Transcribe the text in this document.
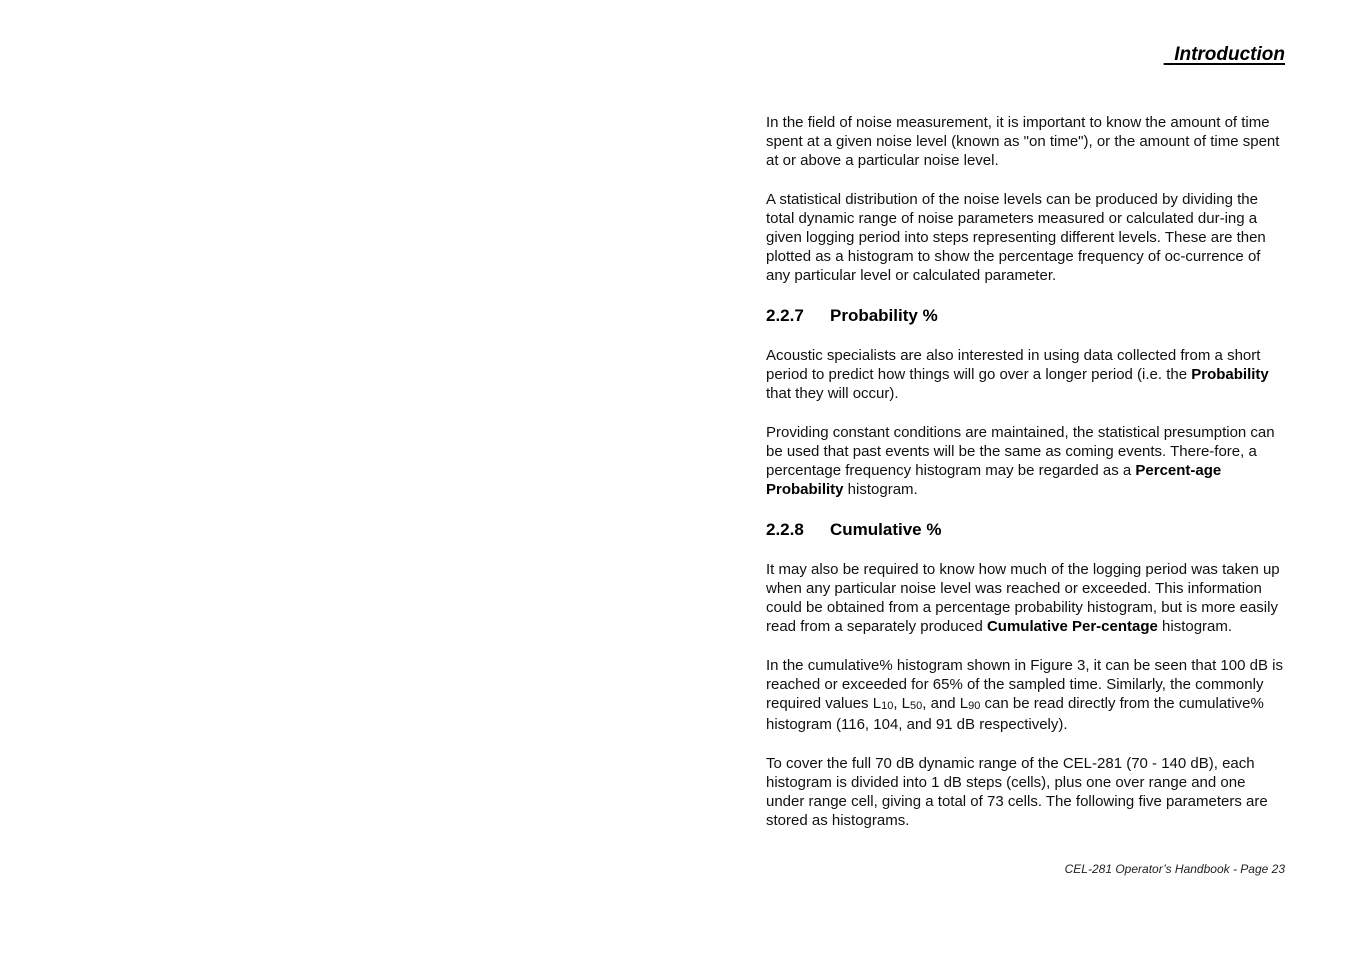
Introduction

In the field of noise measurement, it is important to know the amount of time spent at a given noise level (known as "on time"), or the amount of time spent at or above a particular noise level.

A statistical distribution of the noise levels can be produced by dividing the total dynamic range of noise parameters measured or calculated dur-ing a given logging period into steps representing different levels. These are then plotted as a histogram to show the percentage frequency of oc-currence of any particular level or calculated parameter.

2.2.7 Probability %

Acoustic specialists are also interested in using data collected from a short period to predict how things will go over a longer period (i.e. the Probability that they will occur).

Providing constant conditions are maintained, the statistical presumption can be used that past events will be the same as coming events. There-fore, a percentage frequency histogram may be regarded as a Percent-age Probability histogram.

2.2.8 Cumulative %

It may also be required to know how much of the logging period was taken up when any particular noise level was reached or exceeded. This information could be obtained from a percentage probability histogram, but is more easily read from a separately produced Cumulative Per-centage histogram.

In the cumulative% histogram shown in Figure 3, it can be seen that 100 dB is reached or exceeded for 65% of the sampled time. Similarly, the commonly required values $L_{10}$, $L_{50}$, and $L_{90}$ can be read directly from the cumulative% histogram (116, 104, and 91 dB respectively).

To cover the full 70 dB dynamic range of the CEL-281 (70 - 140 dB), each histogram is divided into 1 dB steps (cells), plus one over range and one under range cell, giving a total of 73 cells. The following five parameters are stored as histograms.

CEL-281 Operator’s Handbook - Page 23
